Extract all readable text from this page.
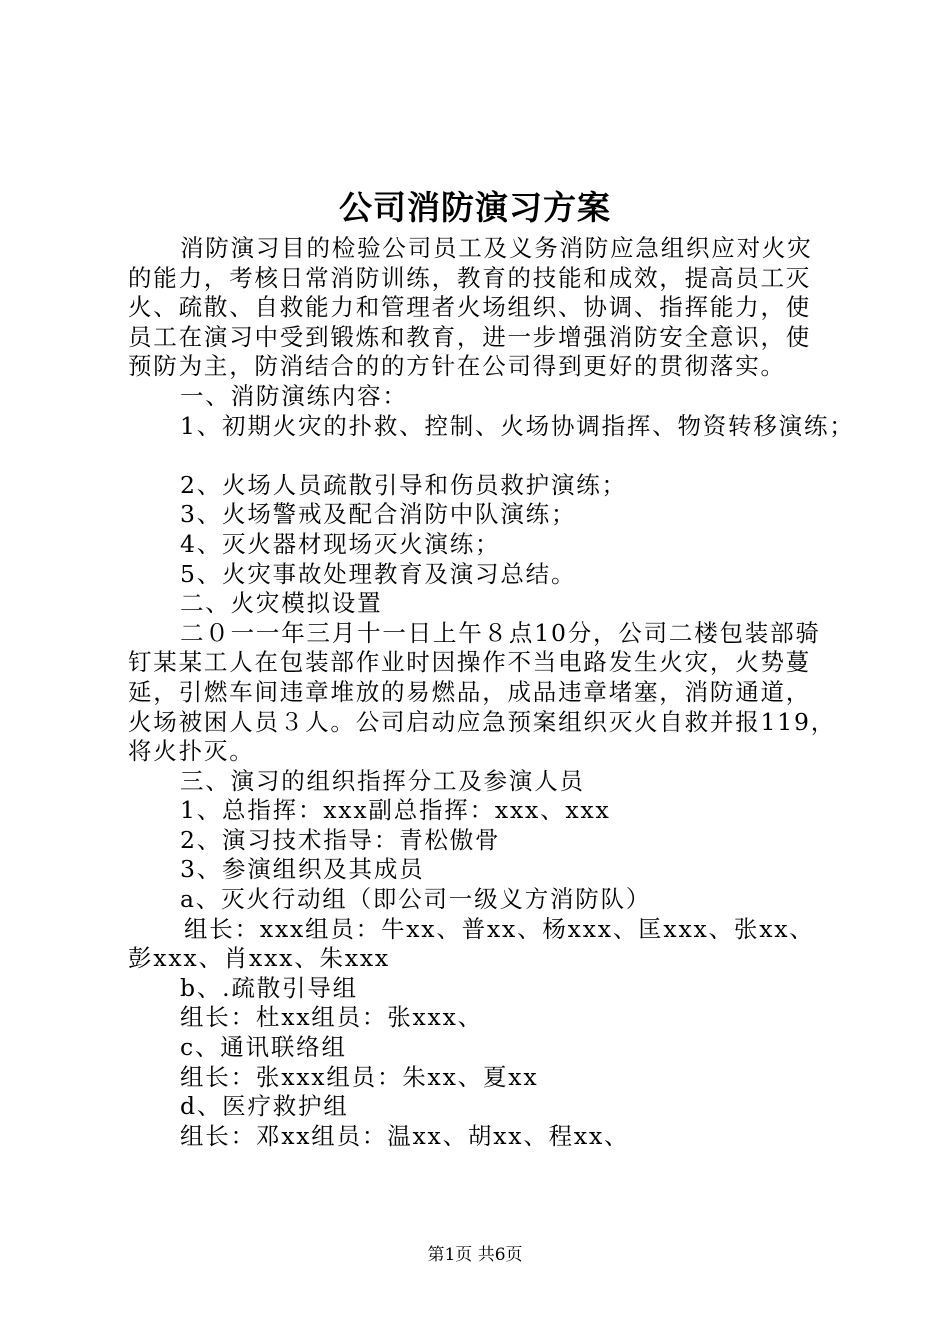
公司消防演习方案

消防演习目的检验公司员工及义务消防应急组织应对火灾

的能力，考核日常消防训练，教育的技能和成效，提高员工灭

火、疏散、自救能力和管理者火场组织、协调、指挥能力，使

员工在演习中受到锻炼和教育，进一步增强消防安全意识，使

预防为主，防消结合的的方针在公司得到更好的贯彻落实。

一、消防演练内容：

1、初期火灾的扑救、控制、火场协调指挥、物资转移演练；

2、火场人员疏散引导和伤员救护演练；

3、火场警戒及配合消防中队演练；

4、灭火器材现场灭火演练；

5、火灾事故处理教育及演习总结。

二、火灾模拟设置

二０一一年三月十一日上午８点10分，公司二楼包装部骑

钉某某工人在包装部作业时因操作不当电路发生火灾，火势蔓

延，引燃车间违章堆放的易燃品，成品违章堵塞，消防通道，

火场被困人员３人。公司启动应急预案组织灭火自救并报119，

将火扑灭。

三、演习的组织指挥分工及参演人员

1、总指挥：xxx副总指挥：xxx、xxx

2、演习技术指导：青松傲骨

3、参演组织及其成员

a、灭火行动组（即公司一级义方消防队）

组长：xxx组员：牛xx、普xx、杨xxx、匡xxx、张xx、

彭xxx、肖xxx、朱xxx

b、.疏散引导组

组长：杜xx组员：张xxx、

c、通讯联络组

组长：张xxx组员：朱xx、夏xx

d、医疗救护组

组长：邓xx组员：温xx、胡xx、程xx、

第1页 共6页
